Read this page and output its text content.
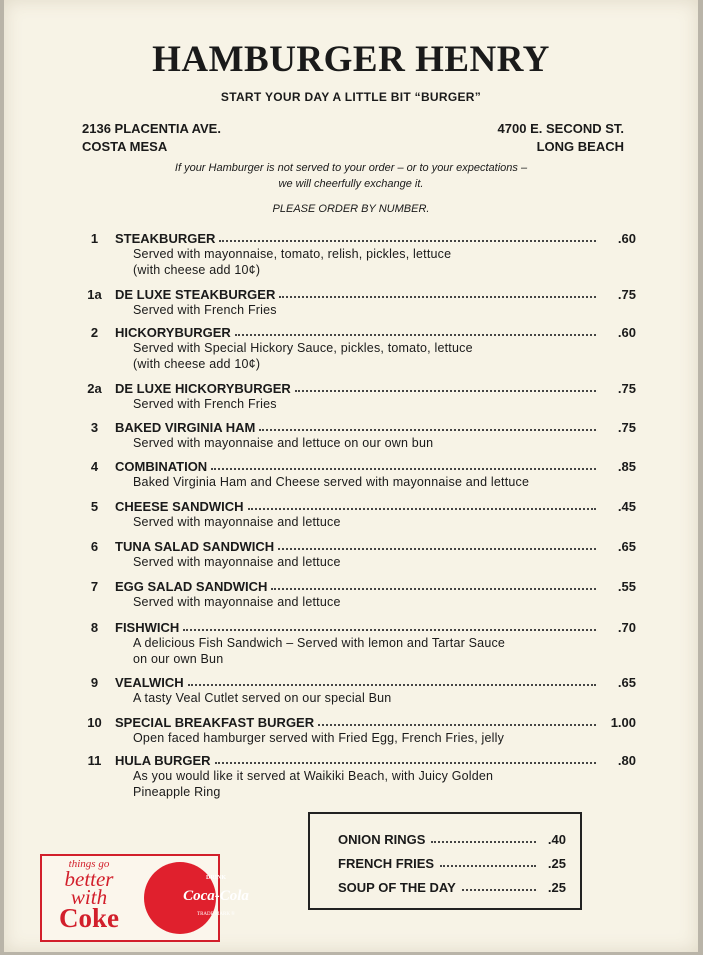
HAMBURGER HENRY
START YOUR DAY A LITTLE BIT “BURGER”
2136 PLACENTIA AVE.
COSTA MESA
4700 E. SECOND ST.
LONG BEACH
If your Hamburger is not served to your order – or to your expectations –
we will cheerfully exchange it.
PLEASE ORDER BY NUMBER.
1	STEAKBURGER	.60
Served with mayonnaise, tomato, relish, pickles, lettuce
(with cheese add 10¢)
1a	DE LUXE STEAKBURGER	.75
Served with French Fries
2	HICKORYBURGER	.60
Served with Special Hickory Sauce, pickles, tomato, lettuce
(with cheese add 10¢)
2a	DE LUXE HICKORYBURGER	.75
Served with French Fries
3	BAKED VIRGINIA HAM	.75
Served with mayonnaise and lettuce on our own bun
4	COMBINATION	.85
Baked Virginia Ham and Cheese served with mayonnaise and lettuce
5	CHEESE SANDWICH	.45
Served with mayonnaise and lettuce
6	TUNA SALAD SANDWICH	.65
Served with mayonnaise and lettuce
7	EGG SALAD SANDWICH	.55
Served with mayonnaise and lettuce
8	FISHWICH	.70
A delicious Fish Sandwich – Served with lemon and Tartar Sauce
on our own Bun
9	VEALWICH	.65
A tasty Veal Cutlet served on our special Bun
10	SPECIAL BREAKFAST BURGER	1.00
Open faced hamburger served with Fried Egg, French Fries, jelly
11	HULA BURGER	.80
As you would like it served at Waikiki Beach, with Juicy Golden
Pineapple Ring
ONION RINGS	.40
FRENCH FRIES	.25
SOUP OF THE DAY	.25
things go
better with
Coke
DRINK
Coca-Cola
TRADE MARK ®
